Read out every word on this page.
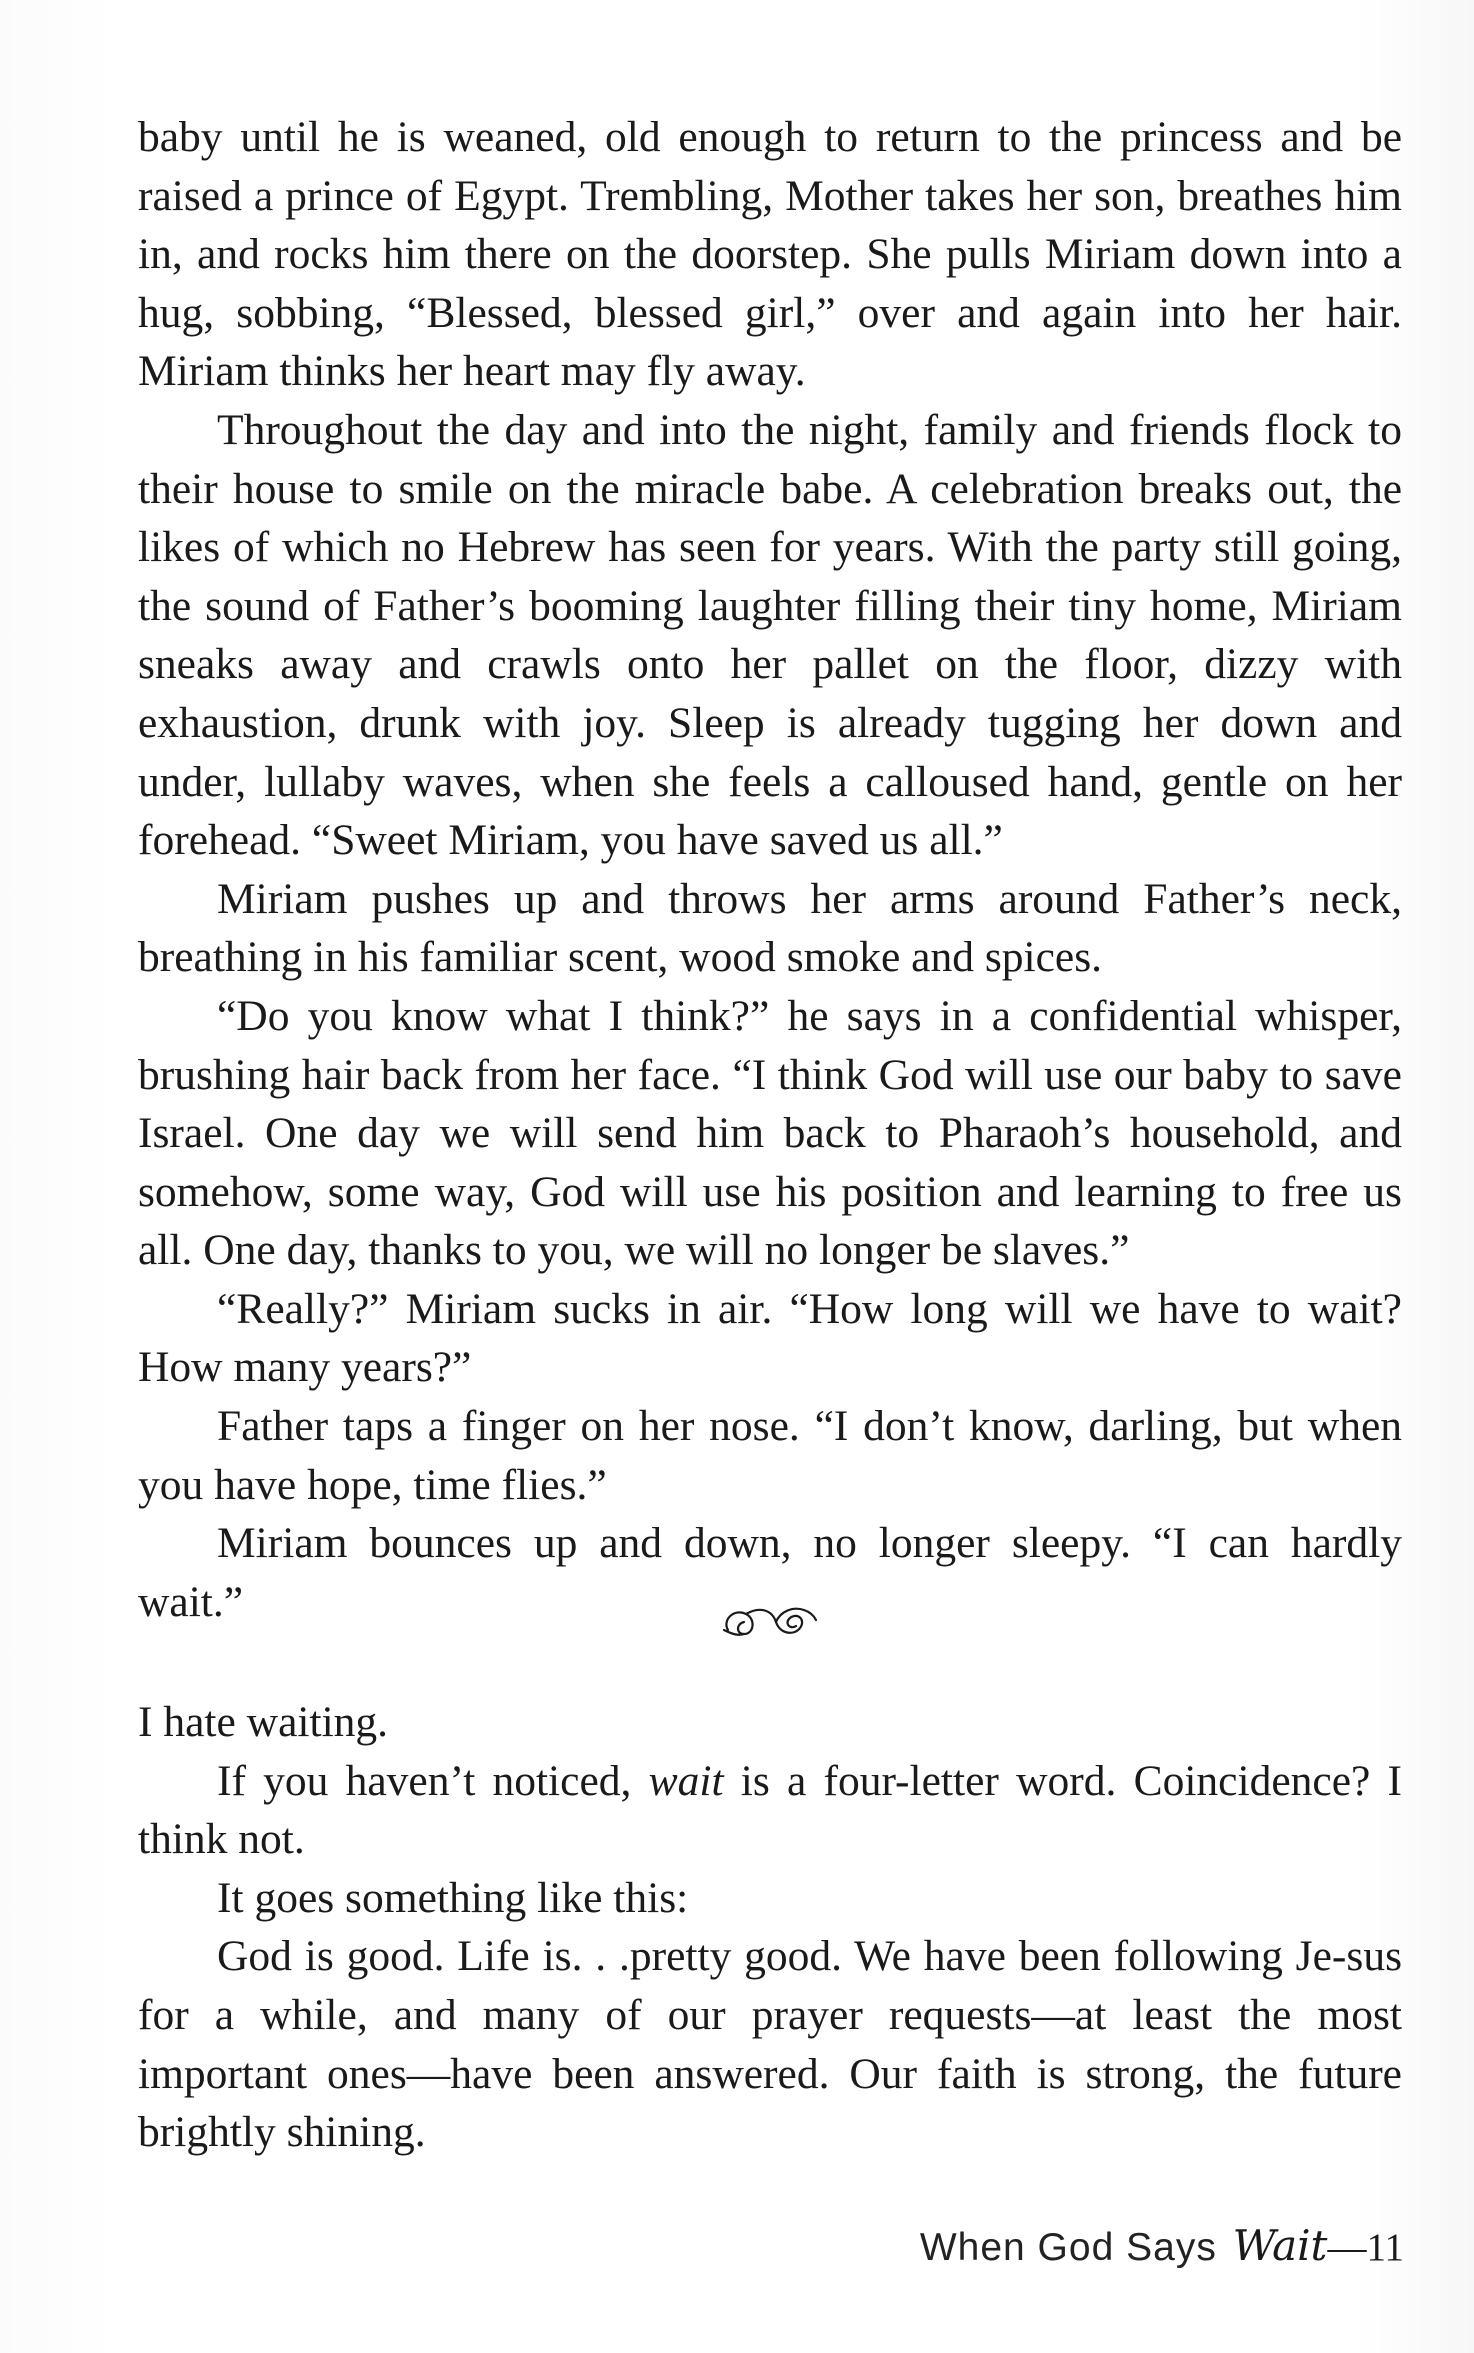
baby until he is weaned, old enough to return to the princess and be raised a prince of Egypt. Trembling, Mother takes her son, breathes him in, and rocks him there on the doorstep. She pulls Miriam down into a hug, sobbing, “Blessed, blessed girl,” over and again into her hair. Miriam thinks her heart may fly away.

Throughout the day and into the night, family and friends flock to their house to smile on the miracle babe. A celebration breaks out, the likes of which no Hebrew has seen for years. With the party still going, the sound of Father’s booming laughter filling their tiny home, Miriam sneaks away and crawls onto her pallet on the floor, dizzy with exhaustion, drunk with joy. Sleep is already tugging her down and under, lullaby waves, when she feels a calloused hand, gentle on her forehead. “Sweet Miriam, you have saved us all.”

Miriam pushes up and throws her arms around Father’s neck, breathing in his familiar scent, wood smoke and spices.

“Do you know what I think?” he says in a confidential whisper, brushing hair back from her face. “I think God will use our baby to save Israel. One day we will send him back to Pharaoh’s household, and somehow, some way, God will use his position and learning to free us all. One day, thanks to you, we will no longer be slaves.”

“Really?” Miriam sucks in air. “How long will we have to wait? How many years?”

Father taps a finger on her nose. “I don’t know, darling, but when you have hope, time flies.”

Miriam bounces up and down, no longer sleepy. “I can hardly wait.”

I hate waiting.

If you haven’t noticed, wait is a four-letter word. Coincidence? I think not.

It goes something like this:

God is good. Life is. . .pretty good. We have been following Je-sus for a while, and many of our prayer requests—at least the most important ones—have been answered. Our faith is strong, the future brightly shining.

When God Says Wait—11
